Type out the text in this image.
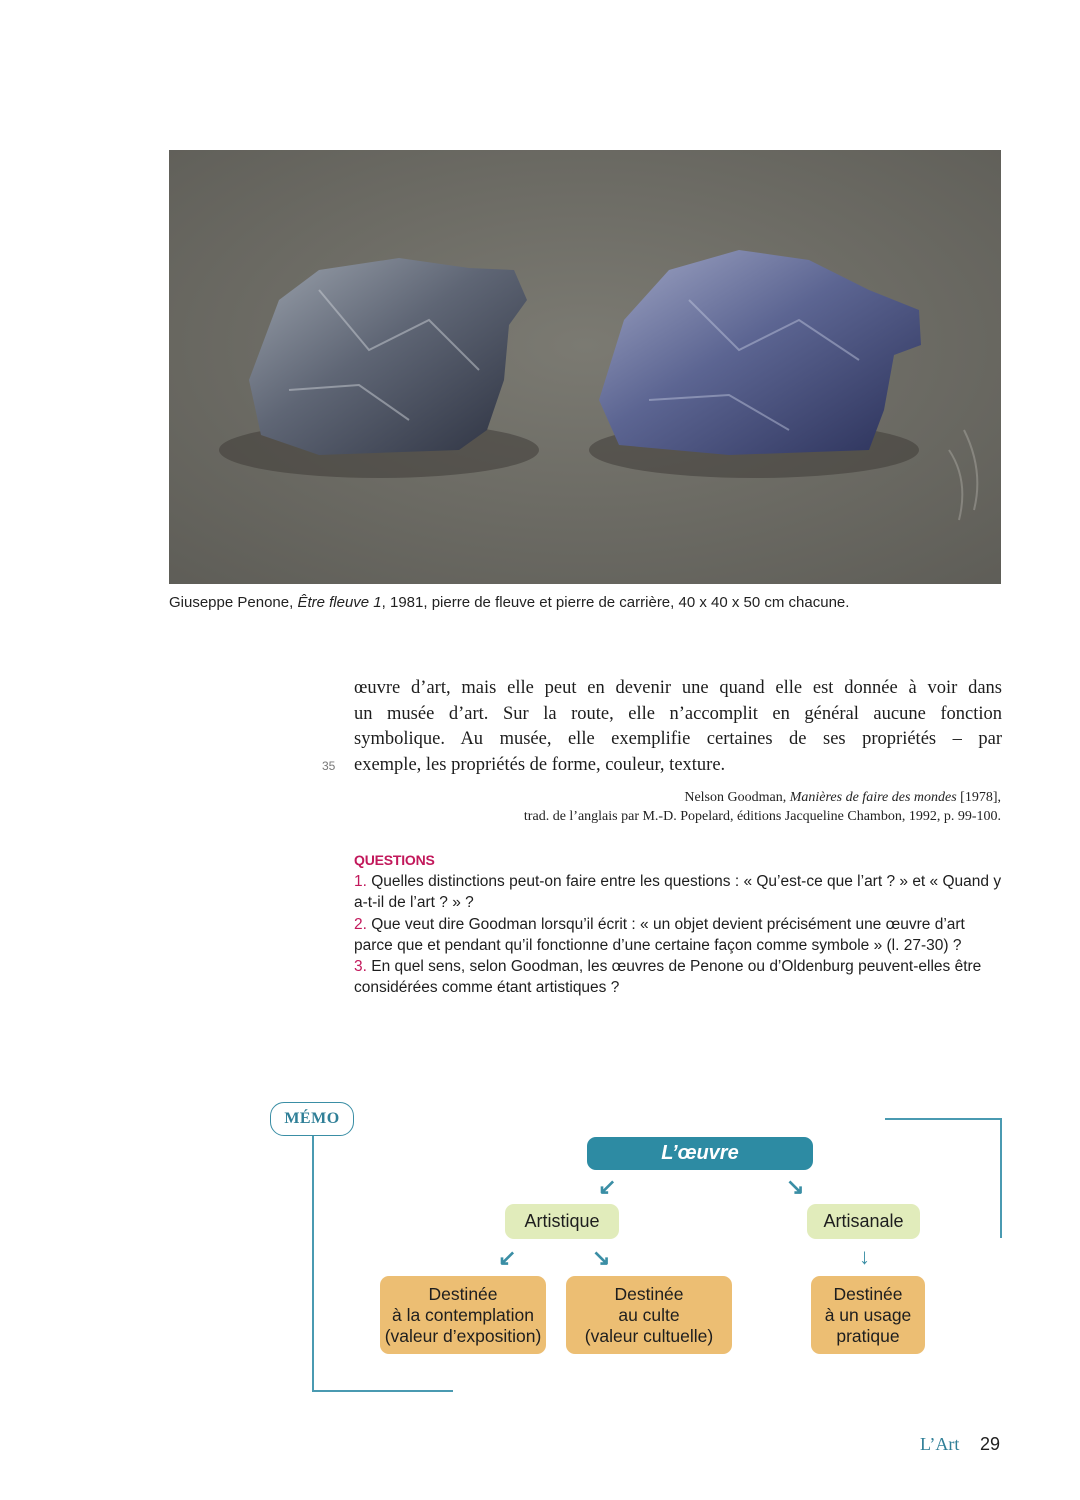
Giuseppe Penone, Être fleuve 1, 1981, pierre de fleuve et pierre de carrière, 40 x 40 x 50 cm chacune.
œuvre d’art, mais elle peut en devenir une quand elle est donnée à voir dans
un musée d’art. Sur la route, elle n’accomplit en général aucune fonction
symbolique. Au musée, elle exemplifie certaines de ses propriétés – par
exemple, les propriétés de forme, couleur, texture.
35
Nelson Goodman, Manières de faire des mondes [1978],
trad. de l’anglais par M.-D. Popelard, éditions Jacqueline Chambon, 1992, p. 99-100.
QUESTIONS
1. Quelles distinctions peut-on faire entre les questions : « Qu’est-ce que l’art ? » et « Quand y a-t-il de l’art ? » ?
2. Que veut dire Goodman lorsqu’il écrit : « un objet devient précisément une œuvre d’art parce que et pendant qu’il fonctionne d’une certaine façon comme symbole » (l. 27-30) ?
3. En quel sens, selon Goodman, les œuvres de Penone ou d’Oldenburg peuvent-elles être considérées comme étant artistiques ?
MÉMO
L’œuvre
↙	↘
Artistique	Artisanale
↙	↘	↓
Destinée
à la contemplation
(valeur d’exposition)
Destinée
au culte
(valeur cultuelle)
Destinée
à un usage
pratique
L’Art 29
